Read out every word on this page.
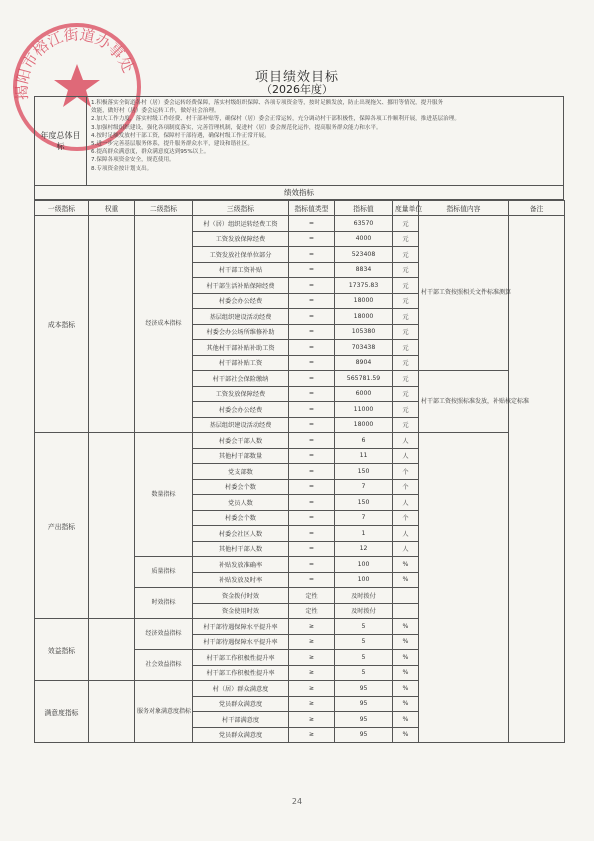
揭阳市榕江街道办事处
项目绩效目标
（2026年度）
年度总体目标
1.积极落实全街道各村（居）委会运转经费保障，落实村级组织保障、各项专项资金等，按时足额发放，防止出现拖欠、挪用等情况，提升服务
效能，做好村（居）委会运转工作，做好社会治理。
2.加大工作力度，落实村级工作经费、村干部补贴等，确保村（居）委会正常运转，充分调动村干部积极性，保障各项工作顺利开展，推进基层治理。
3.加强村级组织建设，强化各项制度落实，完善管理机制，促进村（居）委会规范化运作，提高服务群众能力和水平。
4.按时足额发放村干部工资，保障村干部待遇，确保村级工作正常开展。
5.进一步完善基层服务体系，提升服务群众水平，建设和谐社区。
6.提高群众满意度，群众满意度达到95%以上。
7.保障各项资金安全，规范使用。
8.专项资金按计划支出。
绩效指标
一级指标	权重	二级指标	三级指标	指标值类型	指标值	度量单位	指标值内容	备注
成本指标		经济成本指标	村（居）组织运转经费工资	=	63570	元	村干部工资按照相关文件标准测算	
			工资发放保障经费	=	4000	元		
			工资发放社保单位部分	=	523408	元		
			村干部工资补贴	=	8834	元		
			村干部生活补贴保障经费	=	17375.83	元		
			村委会办公经费	=	18000	元		
			基层组织建设活动经费	=	18000	元		
			村委会办公场所维修补助	=	105380	元		
			其他村干部补贴补助工资	=	703438	元		
			村干部补贴工资	=	8904	元		
			村干部社会保险缴纳	=	565781.59	元	村干部工资按照标准发放，补贴核定标准	
			工资发放保障经费	=	6000	元		
			村委会办公经费	=	11000	元		
			基层组织建设活动经费	=	18000	元		
产出指标		数量指标	村委会干部人数	=	6	人		
			其他村干部数量	=	11	人		
			党支部数	=	150	个		
			村委会个数	=	7	个		
			党员人数	=	150	人		
			村委会个数	=	7	个		
			村委会社区人数	=	1	人		
			其他村干部人数	=	12	人		
		质量指标	补贴发放准确率	=	100	%		
			补贴发放及时率	=	100	%		
		时效指标	资金拨付时效	定性	及时拨付			
			资金使用时效	定性	及时拨付			
效益指标		经济效益指标	村干部待遇保障水平提升率	≥	5	%		
			村干部待遇保障水平提升率	≥	5	%		
		社会效益指标	村干部工作积极性提升率	≥	5	%		
			村干部工作积极性提升率	≥	5	%		
满意度指标		服务对象满意度指标	村（居）群众满意度	≥	95	%		
			党员群众满意度	≥	95	%		
			村干部满意度	≥	95	%		
			党员群众满意度	≥	95	%		
24
